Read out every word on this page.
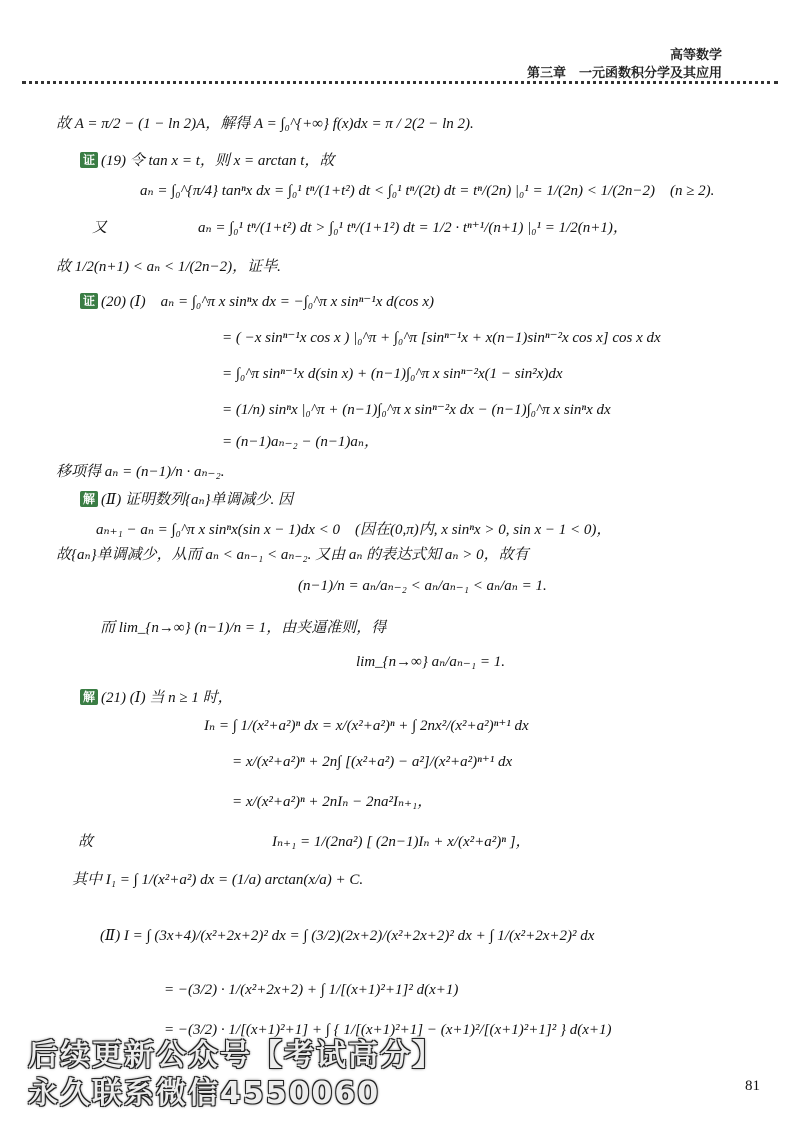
高等数学
第三章　一元函数积分学及其应用
故 A = π/2 − (1 − ln 2)A，解得 A = ∫₀^{+∞} f(x)dx = π / 2(2 − ln 2).
证 (19) 令 tan x = t，则 x = arctan t，故
aₙ = ∫₀^{π/4} tanⁿx dx = ∫₀¹ tⁿ/(1+t²) dt < ∫₀¹ tⁿ/(2t) dt = tⁿ/(2n) |₀¹ = 1/(2n) < 1/(2n−2)　(n ≥ 2).
又	aₙ = ∫₀¹ tⁿ/(1+t²) dt > ∫₀¹ tⁿ/(1+1²) dt = 1/2 · tⁿ⁺¹/(n+1) |₀¹ = 1/2(n+1)，
故 1/2(n+1) < aₙ < 1/(2n−2)，证毕.
证 (20) (Ⅰ)　aₙ = ∫₀^π x sinⁿx dx = −∫₀^π x sinⁿ⁻¹x d(cos x)
= ( −x sinⁿ⁻¹x cos x ) |₀^π + ∫₀^π [sinⁿ⁻¹x + x(n−1)sinⁿ⁻²x cos x] cos x dx
= ∫₀^π sinⁿ⁻¹x d(sin x) + (n−1)∫₀^π x sinⁿ⁻²x(1 − sin²x)dx
= (1/n) sinⁿx |₀^π + (n−1)∫₀^π x sinⁿ⁻²x dx − (n−1)∫₀^π x sinⁿx dx
= (n−1)aₙ₋₂ − (n−1)aₙ，
移项得 aₙ = (n−1)/n · aₙ₋₂.
解 (Ⅱ) 证明数列{aₙ}单调减少. 因
aₙ₊₁ − aₙ = ∫₀^π x sinⁿx(sin x − 1)dx < 0　(因在(0,π)内, x sinⁿx > 0, sin x − 1 < 0)，
故{aₙ}单调减少，从而 aₙ < aₙ₋₁ < aₙ₋₂. 又由 aₙ 的表达式知 aₙ > 0，故有
(n−1)/n = aₙ/aₙ₋₂ < aₙ/aₙ₋₁ < aₙ/aₙ = 1.
而 lim_{n→∞} (n−1)/n = 1，由夹逼准则，得
lim_{n→∞} aₙ/aₙ₋₁ = 1.
解 (21) (Ⅰ) 当 n ≥ 1 时，
Iₙ = ∫ 1/(x²+a²)ⁿ dx = x/(x²+a²)ⁿ + ∫ 2nx²/(x²+a²)ⁿ⁺¹ dx
= x/(x²+a²)ⁿ + 2n∫ [(x²+a²) − a²]/(x²+a²)ⁿ⁺¹ dx
= x/(x²+a²)ⁿ + 2nIₙ − 2na²Iₙ₊₁，
故	Iₙ₊₁ = 1/(2na²) [ (2n−1)Iₙ + x/(x²+a²)ⁿ ]，
其中 I₁ = ∫ 1/(x²+a²) dx = (1/a) arctan(x/a) + C.
(Ⅱ) I = ∫ (3x+4)/(x²+2x+2)² dx = ∫ (3/2)(2x+2)/(x²+2x+2)² dx + ∫ 1/(x²+2x+2)² dx
= −(3/2) · 1/(x²+2x+2) + ∫ 1/[(x+1)²+1]² d(x+1)
= −(3/2) · 1/[(x+1)²+1] + ∫ { 1/[(x+1)²+1] − (x+1)²/[(x+1)²+1]² } d(x+1)
后续更新公众号【考试高分】
永久联系微信4550060	81
